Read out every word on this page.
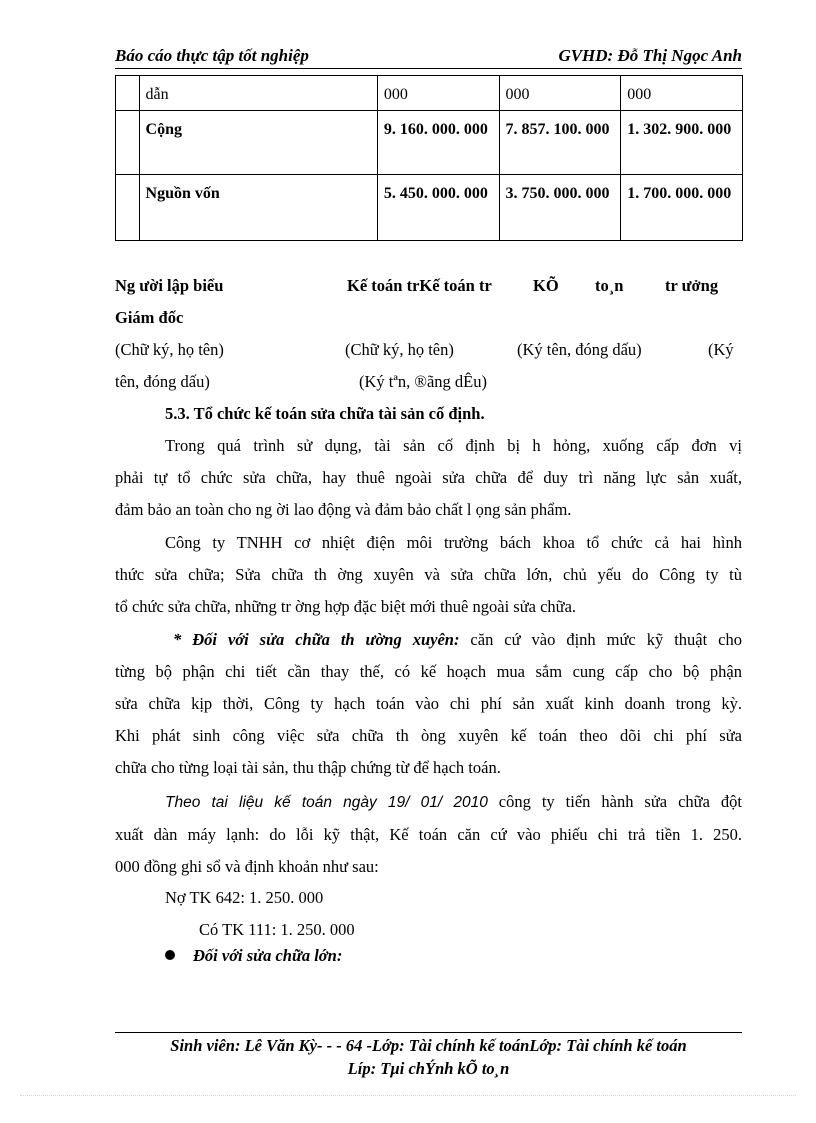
Báo cáo thực tập tốt nghiệp	GVHD: Đỗ Thị Ngọc Anh
	dẫn	000	000	000
	Cộng	9. 160. 000. 000	7. 857. 100. 000	1. 302. 900. 000
	Nguồn vốn	5. 450. 000. 000	3. 750. 000. 000	1. 700. 000. 000
Ng ười lập biểu	Kế toán trKế toán tr KÕ to¸n	tr ưởng
Giám đốc
(Chữ ký, họ tên)	(Chữ ký, họ tên)	(Ký tên, đóng dấu)	(Ký
tên, đóng dấu)	(Ký tªn, ®ãng dÊu)
5.3. Tổ chức kế toán sửa chữa tài sản cố định.
Trong quá trình sử dụng, tài sản cố định bị h hỏng, xuống cấp đơn vị
phải tự tổ chức sửa chữa, hay thuê ngoài sửa chữa để duy trì năng lực sản xuất,
đảm bảo an toàn cho ng ời lao động và đảm bảo chất l ọng sản phẩm.
Công ty TNHH cơ nhiệt điện môi trường bách khoa tổ chức cả hai hình
thức sửa chữa; Sửa chữa th ờng xuyên và sửa chữa lớn, chủ yếu do Công ty tù
tổ chức sửa chữa, những tr ờng hợp đặc biệt mới thuê ngoài sửa chữa.
* Đối với sửa chữa th ường xuyên: căn cứ vào định mức kỹ thuật cho
từng bộ phận chi tiết cần thay thế, có kế hoạch mua sắm cung cấp cho bộ phận
sửa chữa kịp thời, Công ty hạch toán vào chi phí sản xuất kinh doanh trong kỳ.
Khi phát sinh công việc sửa chữa th òng xuyên kế toán theo dõi chi phí sửa
chữa cho từng loại tài sản, thu thập chứng từ để hạch toán.
Theo tai liệu kế toán ngày 19/ 01/ 2010 công ty tiến hành sửa chữa đột
xuất dàn máy lạnh: do lỗi kỹ thật, Kế toán căn cứ vào phiếu chi trả tiền 1. 250.
000 đồng ghi sổ và định khoản như sau:
Nợ TK 642: 1. 250. 000
Có TK 111: 1. 250. 000
Đối với sửa chữa lớn:
Sinh viên: Lê Văn Kỳ- - - 64 -Lớp: Tài chính kế toánLớp: Tài chính kế toán
Líp: Tµi chÝnh kÕ to¸n
